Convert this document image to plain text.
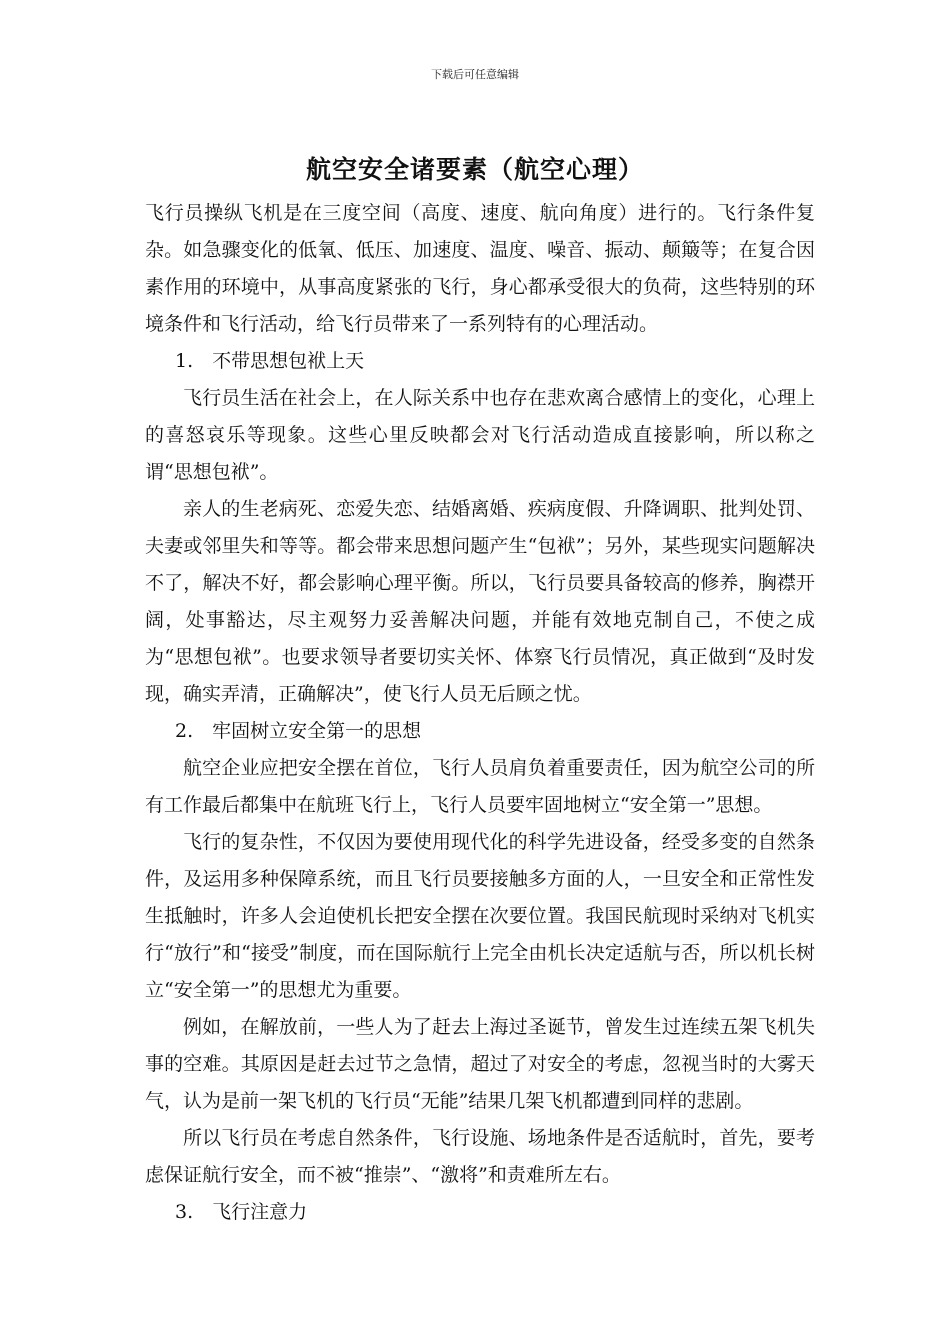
下载后可任意编辑
航空安全诸要素（航空心理）

飞行员操纵飞机是在三度空间（高度、速度、航向角度）进行的。飞行条件复杂。如急骤变化的低氧、低压、加速度、温度、噪音、振动、颠簸等；在复合因素作用的环境中，从事高度紧张的飞行，身心都承受很大的负荷，这些特别的环境条件和飞行活动，给飞行员带来了一系列特有的心理活动。

1.　不带思想包袱上天

飞行员生活在社会上，在人际关系中也存在悲欢离合感情上的变化，心理上的喜怒哀乐等现象。这些心里反映都会对飞行活动造成直接影响，所以称之谓“思想包袱”。

亲人的生老病死、恋爱失恋、结婚离婚、疾病度假、升降调职、批判处罚、夫妻或邻里失和等等。都会带来思想问题产生“包袱”；另外，某些现实问题解决不了，解决不好，都会影响心理平衡。所以，飞行员要具备较高的修养，胸襟开阔，处事豁达，尽主观努力妥善解决问题，并能有效地克制自己，不使之成为“思想包袱”。也要求领导者要切实关怀、体察飞行员情况，真正做到“及时发现，确实弄清，正确解决”，使飞行人员无后顾之忧。

2.　牢固树立安全第一的思想

航空企业应把安全摆在首位，飞行人员肩负着重要责任，因为航空公司的所有工作最后都集中在航班飞行上，飞行人员要牢固地树立“安全第一”思想。

飞行的复杂性，不仅因为要使用现代化的科学先进设备，经受多变的自然条件，及运用多种保障系统，而且飞行员要接触多方面的人，一旦安全和正常性发生抵触时，许多人会迫使机长把安全摆在次要位置。我国民航现时采纳对飞机实行“放行”和“接受”制度，而在国际航行上完全由机长决定适航与否，所以机长树立“安全第一”的思想尤为重要。

例如，在解放前，一些人为了赶去上海过圣诞节，曾发生过连续五架飞机失事的空难。其原因是赶去过节之急情，超过了对安全的考虑，忽视当时的大雾天气，认为是前一架飞机的飞行员“无能”结果几架飞机都遭到同样的悲剧。

所以飞行员在考虑自然条件，飞行设施、场地条件是否适航时，首先，要考虑保证航行安全，而不被“推崇”、“激将”和责难所左右。

3.　飞行注意力
